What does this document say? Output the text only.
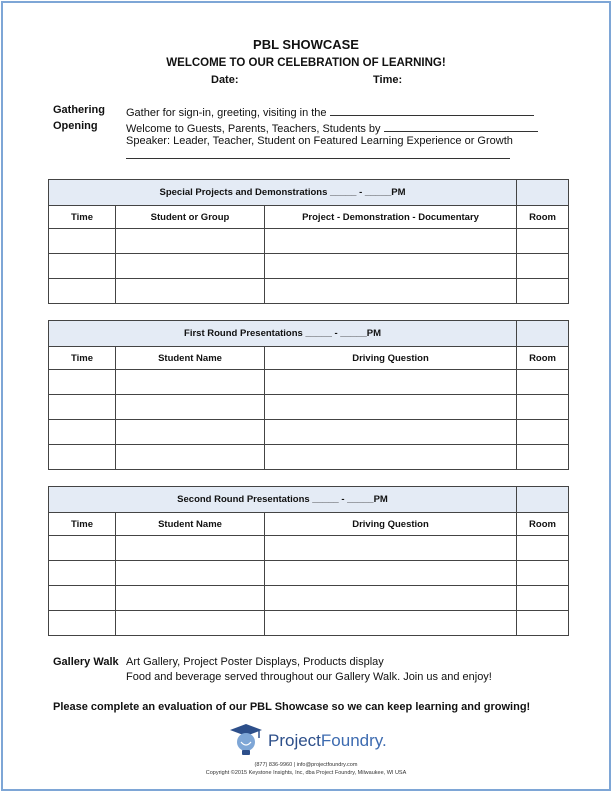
PBL SHOWCASE
WELCOME TO OUR CELEBRATION OF LEARNING!
Date:	Time:
Gathering Gather for sign-in, greeting, visiting in the
Opening	Welcome to Guests, Parents, Teachers, Students by
Speaker: Leader, Teacher, Student on Featured Learning Experience or Growth
Special Projects and Demonstrations _____ - _____PM			
Time	Student or Group	Project - Demonstration - Documentary	Room

First Round Presentations _____ - _____PM			
Time	Student Name	Driving Question	Room

Second Round Presentations _____ - _____PM			
Time	Student Name	Driving Question	Room

Gallery Walk Art Gallery, Project Poster Displays, Products display
Food and beverage served throughout our Gallery Walk. Join us and enjoy!
Please complete an evaluation of our PBL Showcase so we can keep learning and growing!
ProjectFoundry.
(877) 836-9960 | info@projectfoundry.com
Copyright ©2015 Keystone Insights, Inc, dba Project Foundry, Milwaukee, WI USA
